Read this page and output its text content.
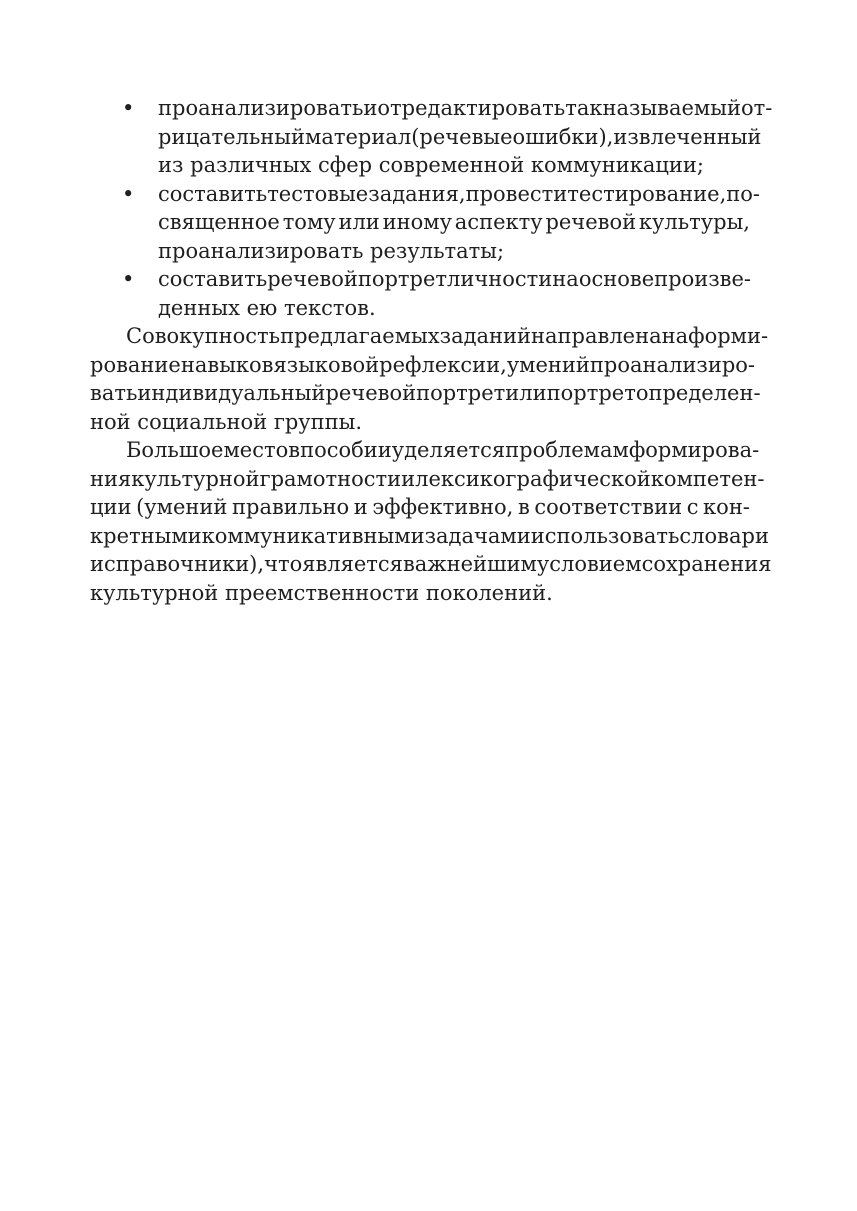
• проанализировать и отредактировать так называемый от-
рицательный материал (речевые ошибки), извлеченный
из различных сфер современной коммуникации;
• составить тестовые задания, провести тестирование, по-
священное тому или иному аспекту речевой культуры,
проанализировать результаты;
• составить речевой портрет личности на основе произве-
денных ею текстов.
Совокупность предлагаемых заданий направлена на форми-
рование навыков языковой рефлексии, умений проанализиро-
вать индивидуальный речевой портрет или портрет определен-
ной социальной группы.
Большое место в пособии уделяется проблемам формирова-
ния культурной грамотности и лексикографической компетен-
ции (умений правильно и эффективно, в соответствии с кон-
кретными коммуникативными задачами использовать словари
и справочники), что является важнейшим условием сохранения
культурной преемственности поколений.
